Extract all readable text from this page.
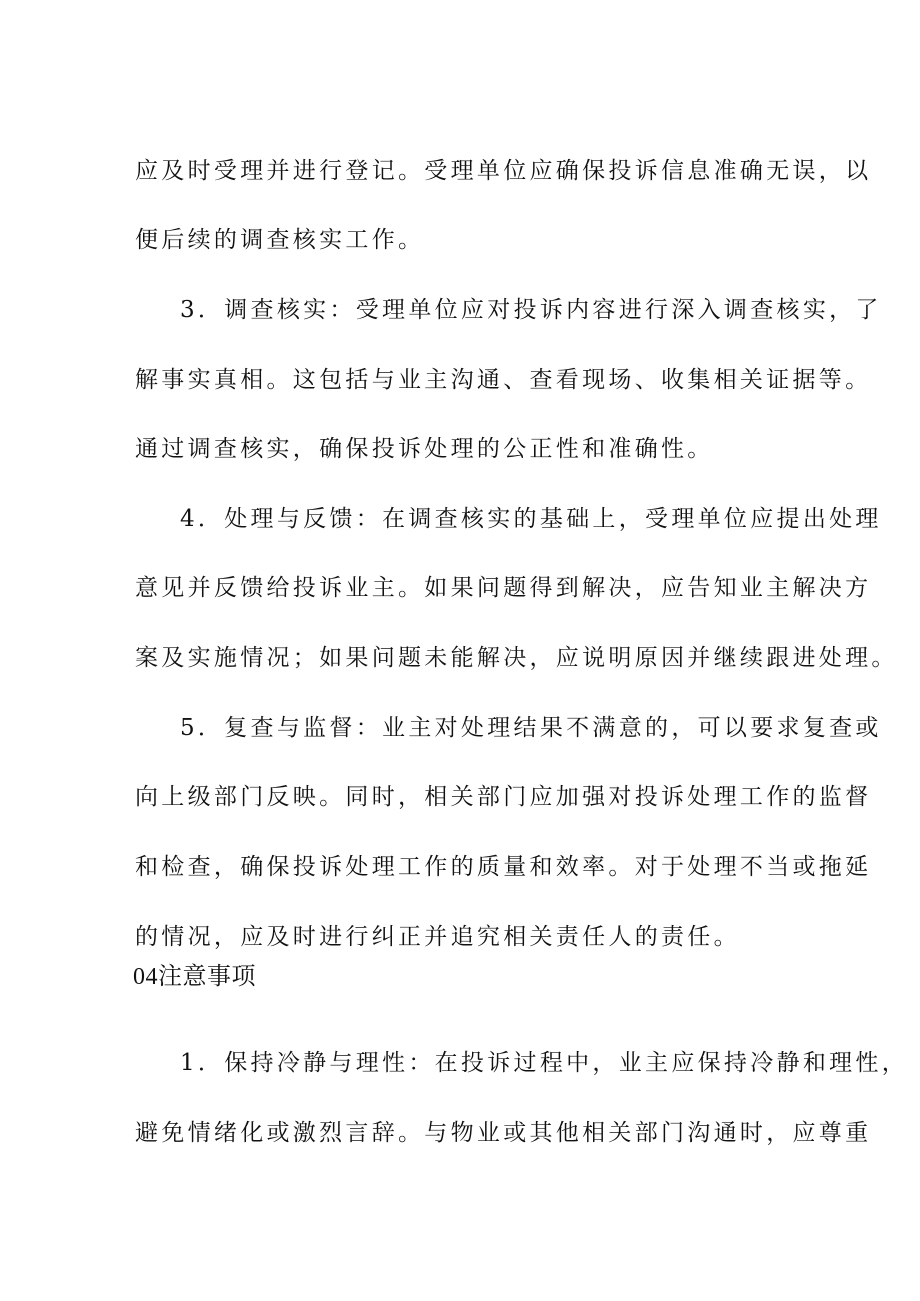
应及时受理并进行登记。受理单位应确保投诉信息准确无误，以
便后续的调查核实工作。
3．调查核实：受理单位应对投诉内容进行深入调查核实，了
解事实真相。这包括与业主沟通、查看现场、收集相关证据等。
通过调查核实，确保投诉处理的公正性和准确性。
4．处理与反馈：在调查核实的基础上，受理单位应提出处理
意见并反馈给投诉业主。如果问题得到解决，应告知业主解决方
案及实施情况；如果问题未能解决，应说明原因并继续跟进处理。
5．复查与监督：业主对处理结果不满意的，可以要求复查或
向上级部门反映。同时，相关部门应加强对投诉处理工作的监督
和检查，确保投诉处理工作的质量和效率。对于处理不当或拖延
的情况，应及时进行纠正并追究相关责任人的责任。
04注意事项
1．保持冷静与理性：在投诉过程中，业主应保持冷静和理性，
避免情绪化或激烈言辞。与物业或其他相关部门沟通时，应尊重
